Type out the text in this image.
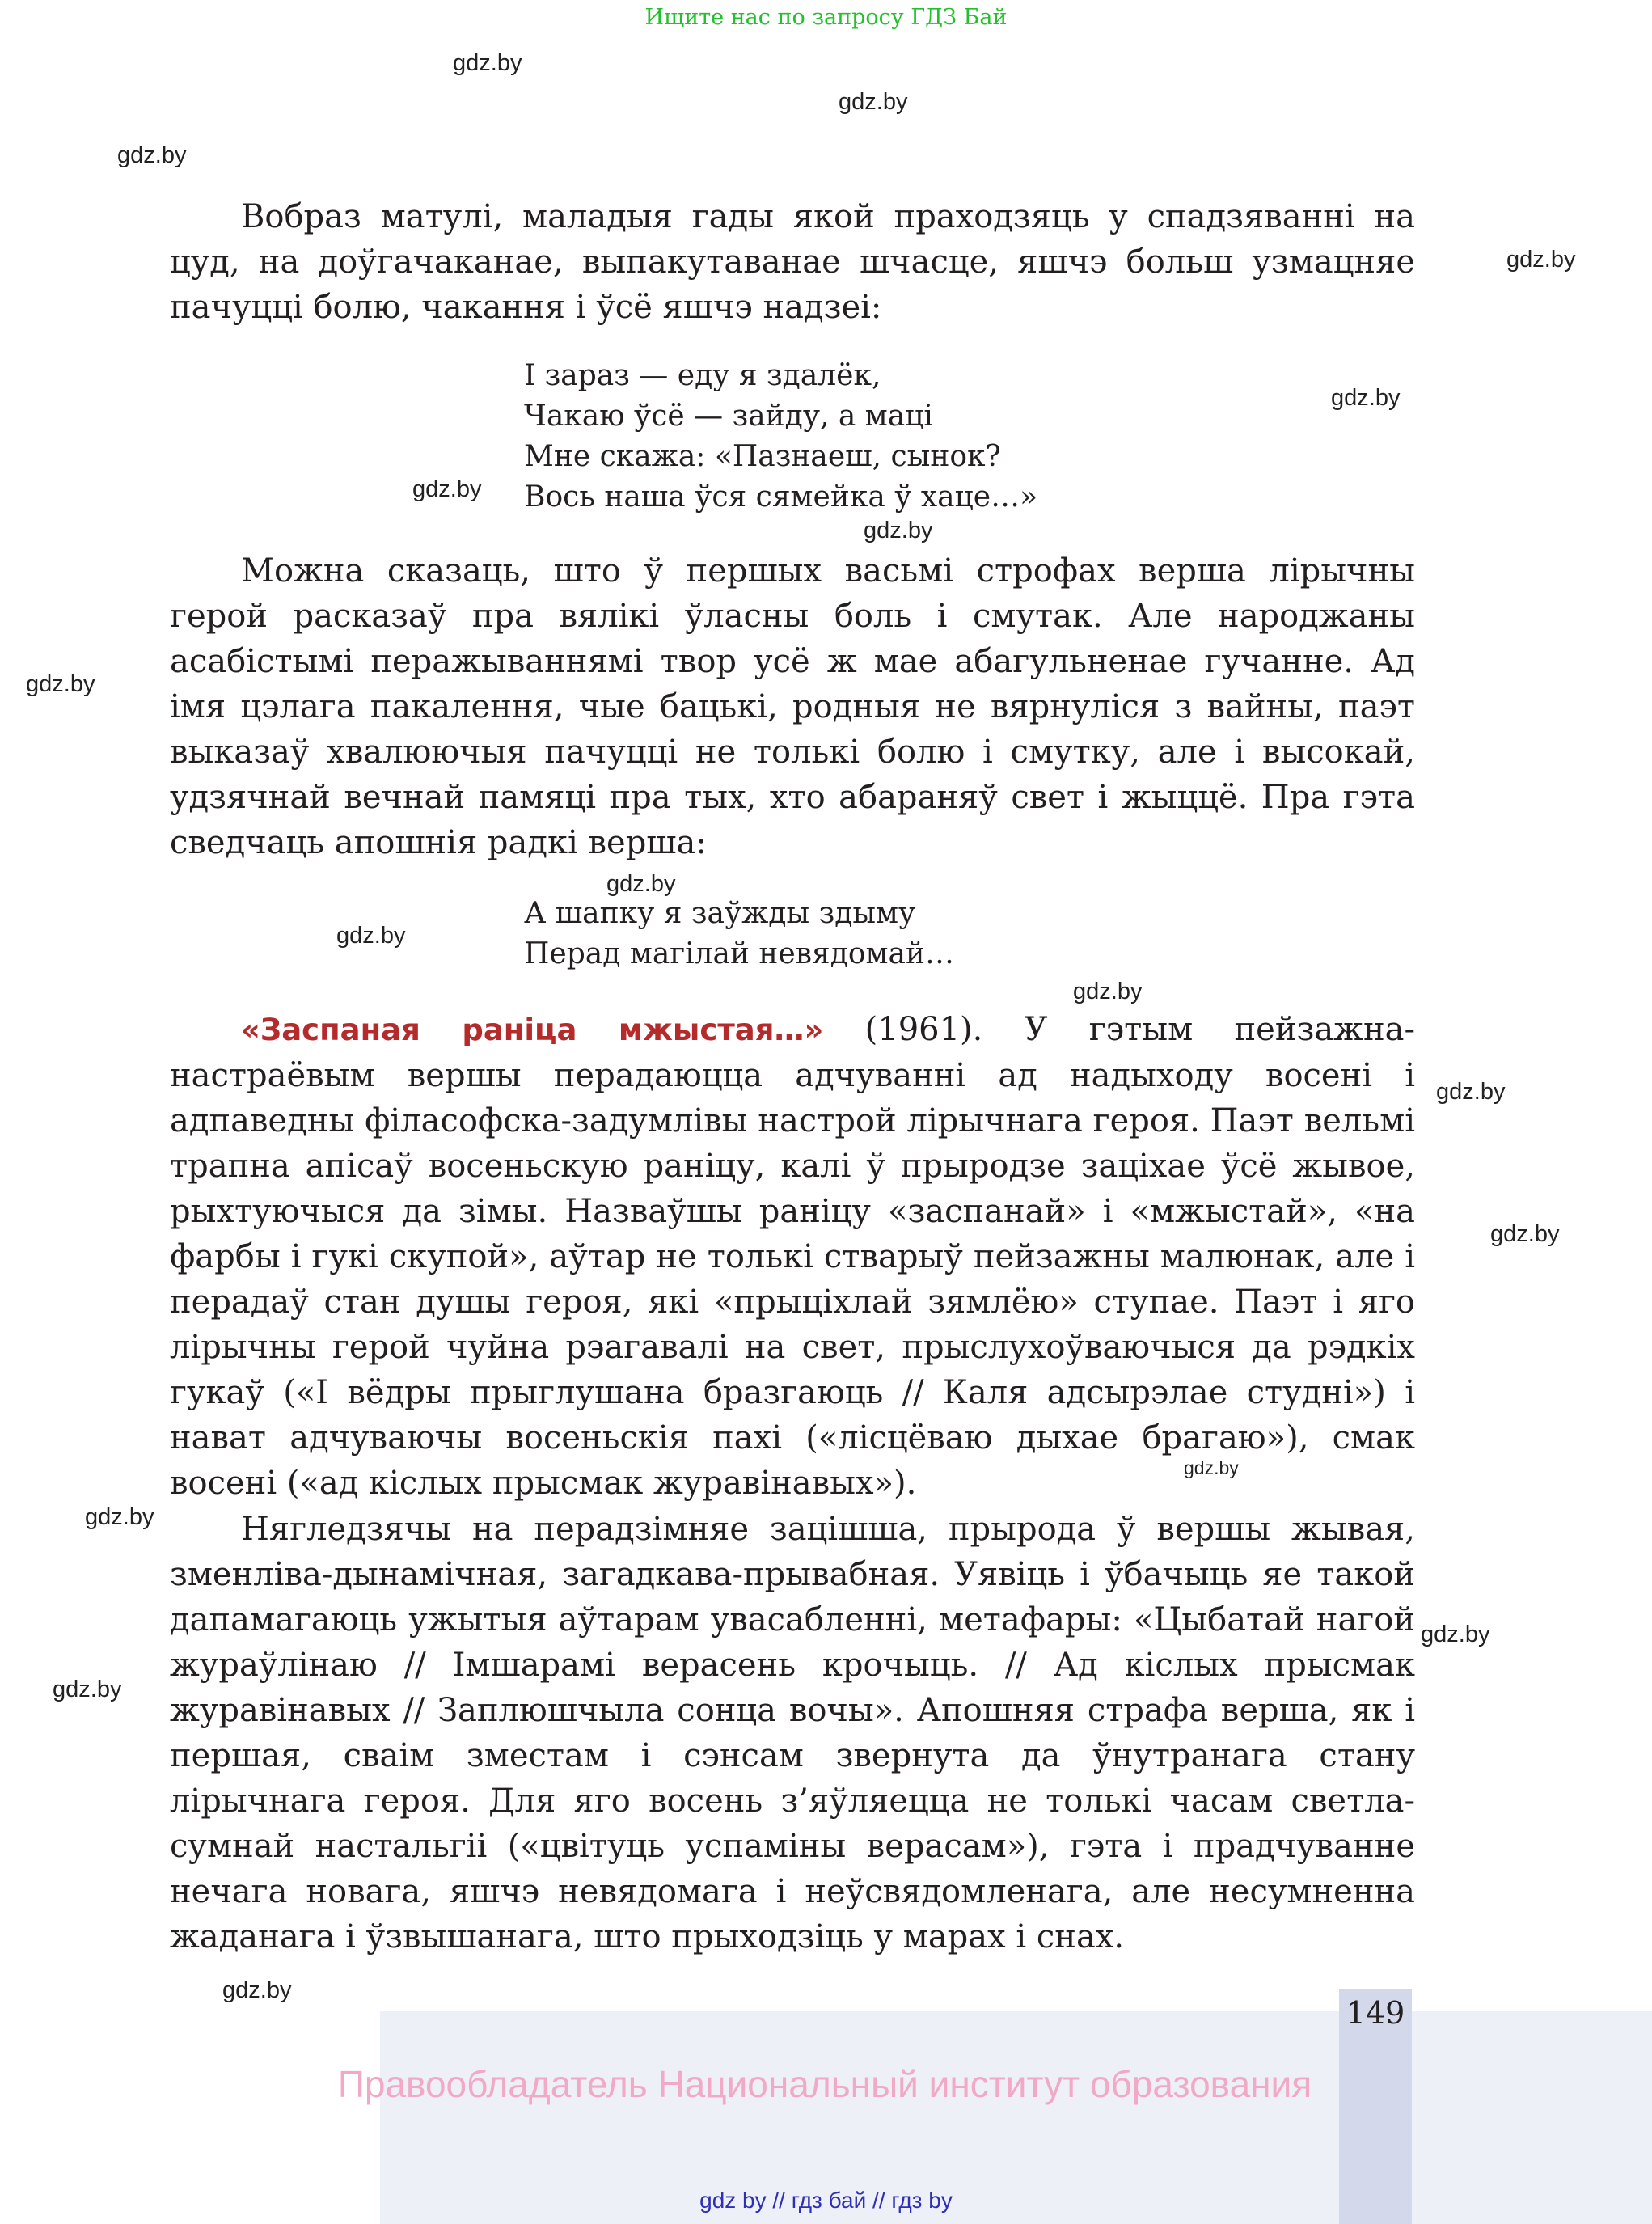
Ищите нас по запросу ГДЗ Бай
gdz.by
gdz.by
gdz.by
gdz.by
gdz.by
gdz.by
gdz.by
gdz.by
gdz.by
gdz.by
gdz.by
gdz.by
gdz.by
gdz.by
gdz.by
gdz.by
gdz.by
gdz.by

Вобраз матулі, маладыя гады якой праходзяць у спадзяванні на цуд, на доўгачаканае, выпакутаванае шчасце, яшчэ больш узмацняе пачуцці болю, чакання і ўсё яшчэ надзеі:

І зараз — еду я здалёк,
Чакаю ўсё — зайду, а маці
Мне скажа: «Пазнаеш, сынок?
Вось наша ўся сямейка ў хаце…»

Можна сказаць, што ў першых васьмі строфах верша лірычны герой расказаў пра вялікі ўласны боль і смутак. Але народжаны асабістымі перажываннямі твор усё ж мае абагульненае гучанне. Ад імя цэлага пакалення, чые бацькі, родныя не вярнуліся з вайны, паэт выказаў хвалюючыя пачуцці не толькі болю і смутку, але і высокай, удзячнай вечнай памяці пра тых, хто абараняў свет і жыццё. Пра гэта сведчаць апошнія радкі верша:

А шапку я заўжды здыму
Перад магілай невядомай…

«Заспаная раніца мжыстая…» (1961). У гэтым пейзажна-настраёвым вершы перадаюцца адчуванні ад надыходу восені і адпаведны філасофска-задумлівы настрой лірычнага героя. Паэт вельмі трапна апісаў восеньскую раніцу, калі ў прыродзе заціхае ўсё жывое, рыхтуючыся да зімы. Назваўшы раніцу «заспанай» і «мжыстай», «на фарбы і гукі скупой», аўтар не толькі стварыў пейзажны малюнак, але і перадаў стан душы героя, які «прыціхлай зямлёю» ступае. Паэт і яго лірычны герой чуйна рэагавалі на свет, прыслухоўваючыся да рэдкіх гукаў («І вёдры прыглушана бразгаюць // Каля адсырэлае студні») і нават адчуваючы восеньскія пахі («лісцёваю дыхае брагаю»), смак восені («ад кіслых прысмак журавінавых»).

Нягледзячы на перадзімняе зацішша, прырода ў вершы жывая, зменліва-дынамічная, загадкава-прывабная. Уявіць і ўбачыць яе такой дапамагаюць ужытыя аўтарам увасабленні, метафары: «Цыбатай нагой жураўлінаю // Імшарамі верасень крочыць. // Ад кіслых прысмак журавінавых // Заплюшчыла сонца вочы». Апошняя страфа верша, як і першая, сваім зместам і сэнсам звернута да ўнутранага стану лірычнага героя. Для яго восень з’яўляецца не толькі часам светла-сумнай настальгіі («цвітуць успаміны верасам»), гэта і прадчуванне нечага новага, яшчэ невядомага і неўсвядомленага, але несумненна жаданага і ўзвышанага, што прыходзіць у марах і снах.

149
Правообладатель Национальный институт образования
gdz by // гдз бай // гдз by
